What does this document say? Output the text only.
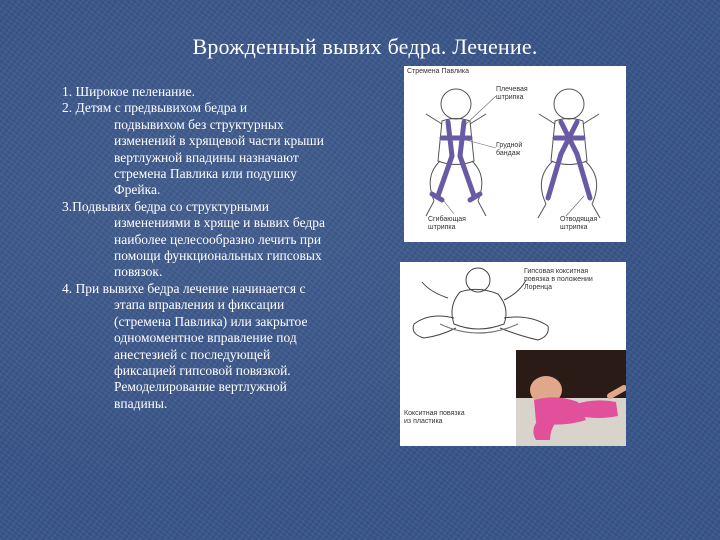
Врожденный вывих бедра. Лечение.
1. Широкое пеленание.
2. Детям с предвывихом бедра и
подвывихом без структурных
изменений в хрящевой части крыши
вертлужной впадины назначают
стремена Павлика или подушку
Фрейка.
3.Подвывих бедра со структурными
изменениями в хряще и вывих бедра
наиболее целесообразно лечить при
помощи функциональных гипсовых
повязок.
4. При вывихе бедра лечение начинается с
этапа вправления и фиксации
(стремена Павлика) или закрытое
одномоментное вправление под
анестезией с последующей
фиксацией гипсовой повязкой.
Ремоделирование вертлужной
впадины.
Стремена Павлика
Плечевая
штрипка
Грудной
бандаж
Сгибающая
штрипка
Отводящая
штрипка
Гипсовая кокситная
повязка в положении
Лоренца
Кокситная повязка
из пластика
